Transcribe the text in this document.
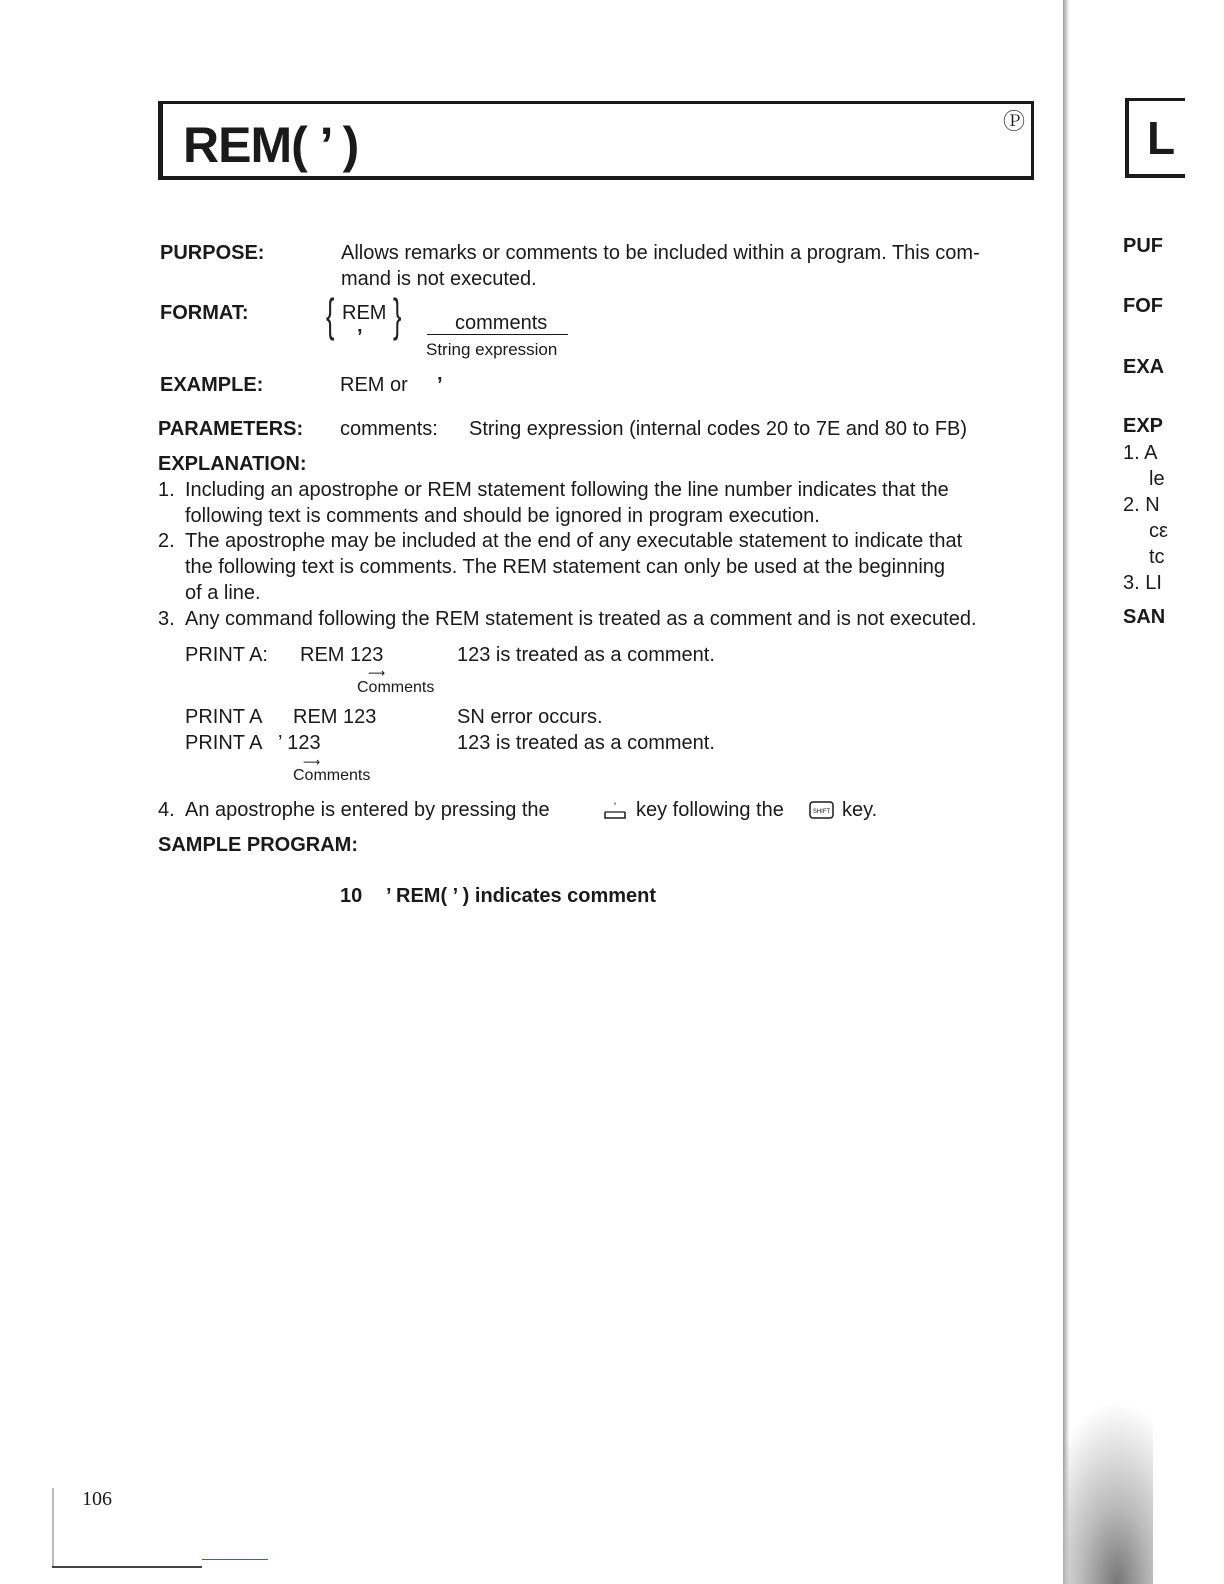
REM( ’ )	Ⓟ
PURPOSE:	Allows remarks or comments to be included within a program. This com-
mand is not executed.
FORMAT: { REM
’ }	comments
String expression
EXAMPLE:	REM or ’
PARAMETERS: comments: String expression (internal codes 20 to 7E and 80 to FB)
EXPLANATION:
1. Including an apostrophe or REM statement following the line number indicates that the
following text is comments and should be ignored in program execution.
2. The apostrophe may be included at the end of any executable statement to indicate that
the following text is comments. The REM statement can only be used at the beginning
of a line.
3. Any command following the REM statement is treated as a comment and is not executed.
PRINT A: REM 123	123 is treated as a comment.
⟶
Comments
PRINT A REM 123	SN error occurs.
PRINT A ’ 123	123 is treated as a comment.
⟶
Comments
4. An apostrophe is entered by pressing the	’ key following the	SHIFT key.
SAMPLE PROGRAM:
10 ’ REM( ’ ) indicates comment
106
L
PUF
FOF
EXA
EXP
1. A
le
2. N
cε
tc
3. LI
SAN
